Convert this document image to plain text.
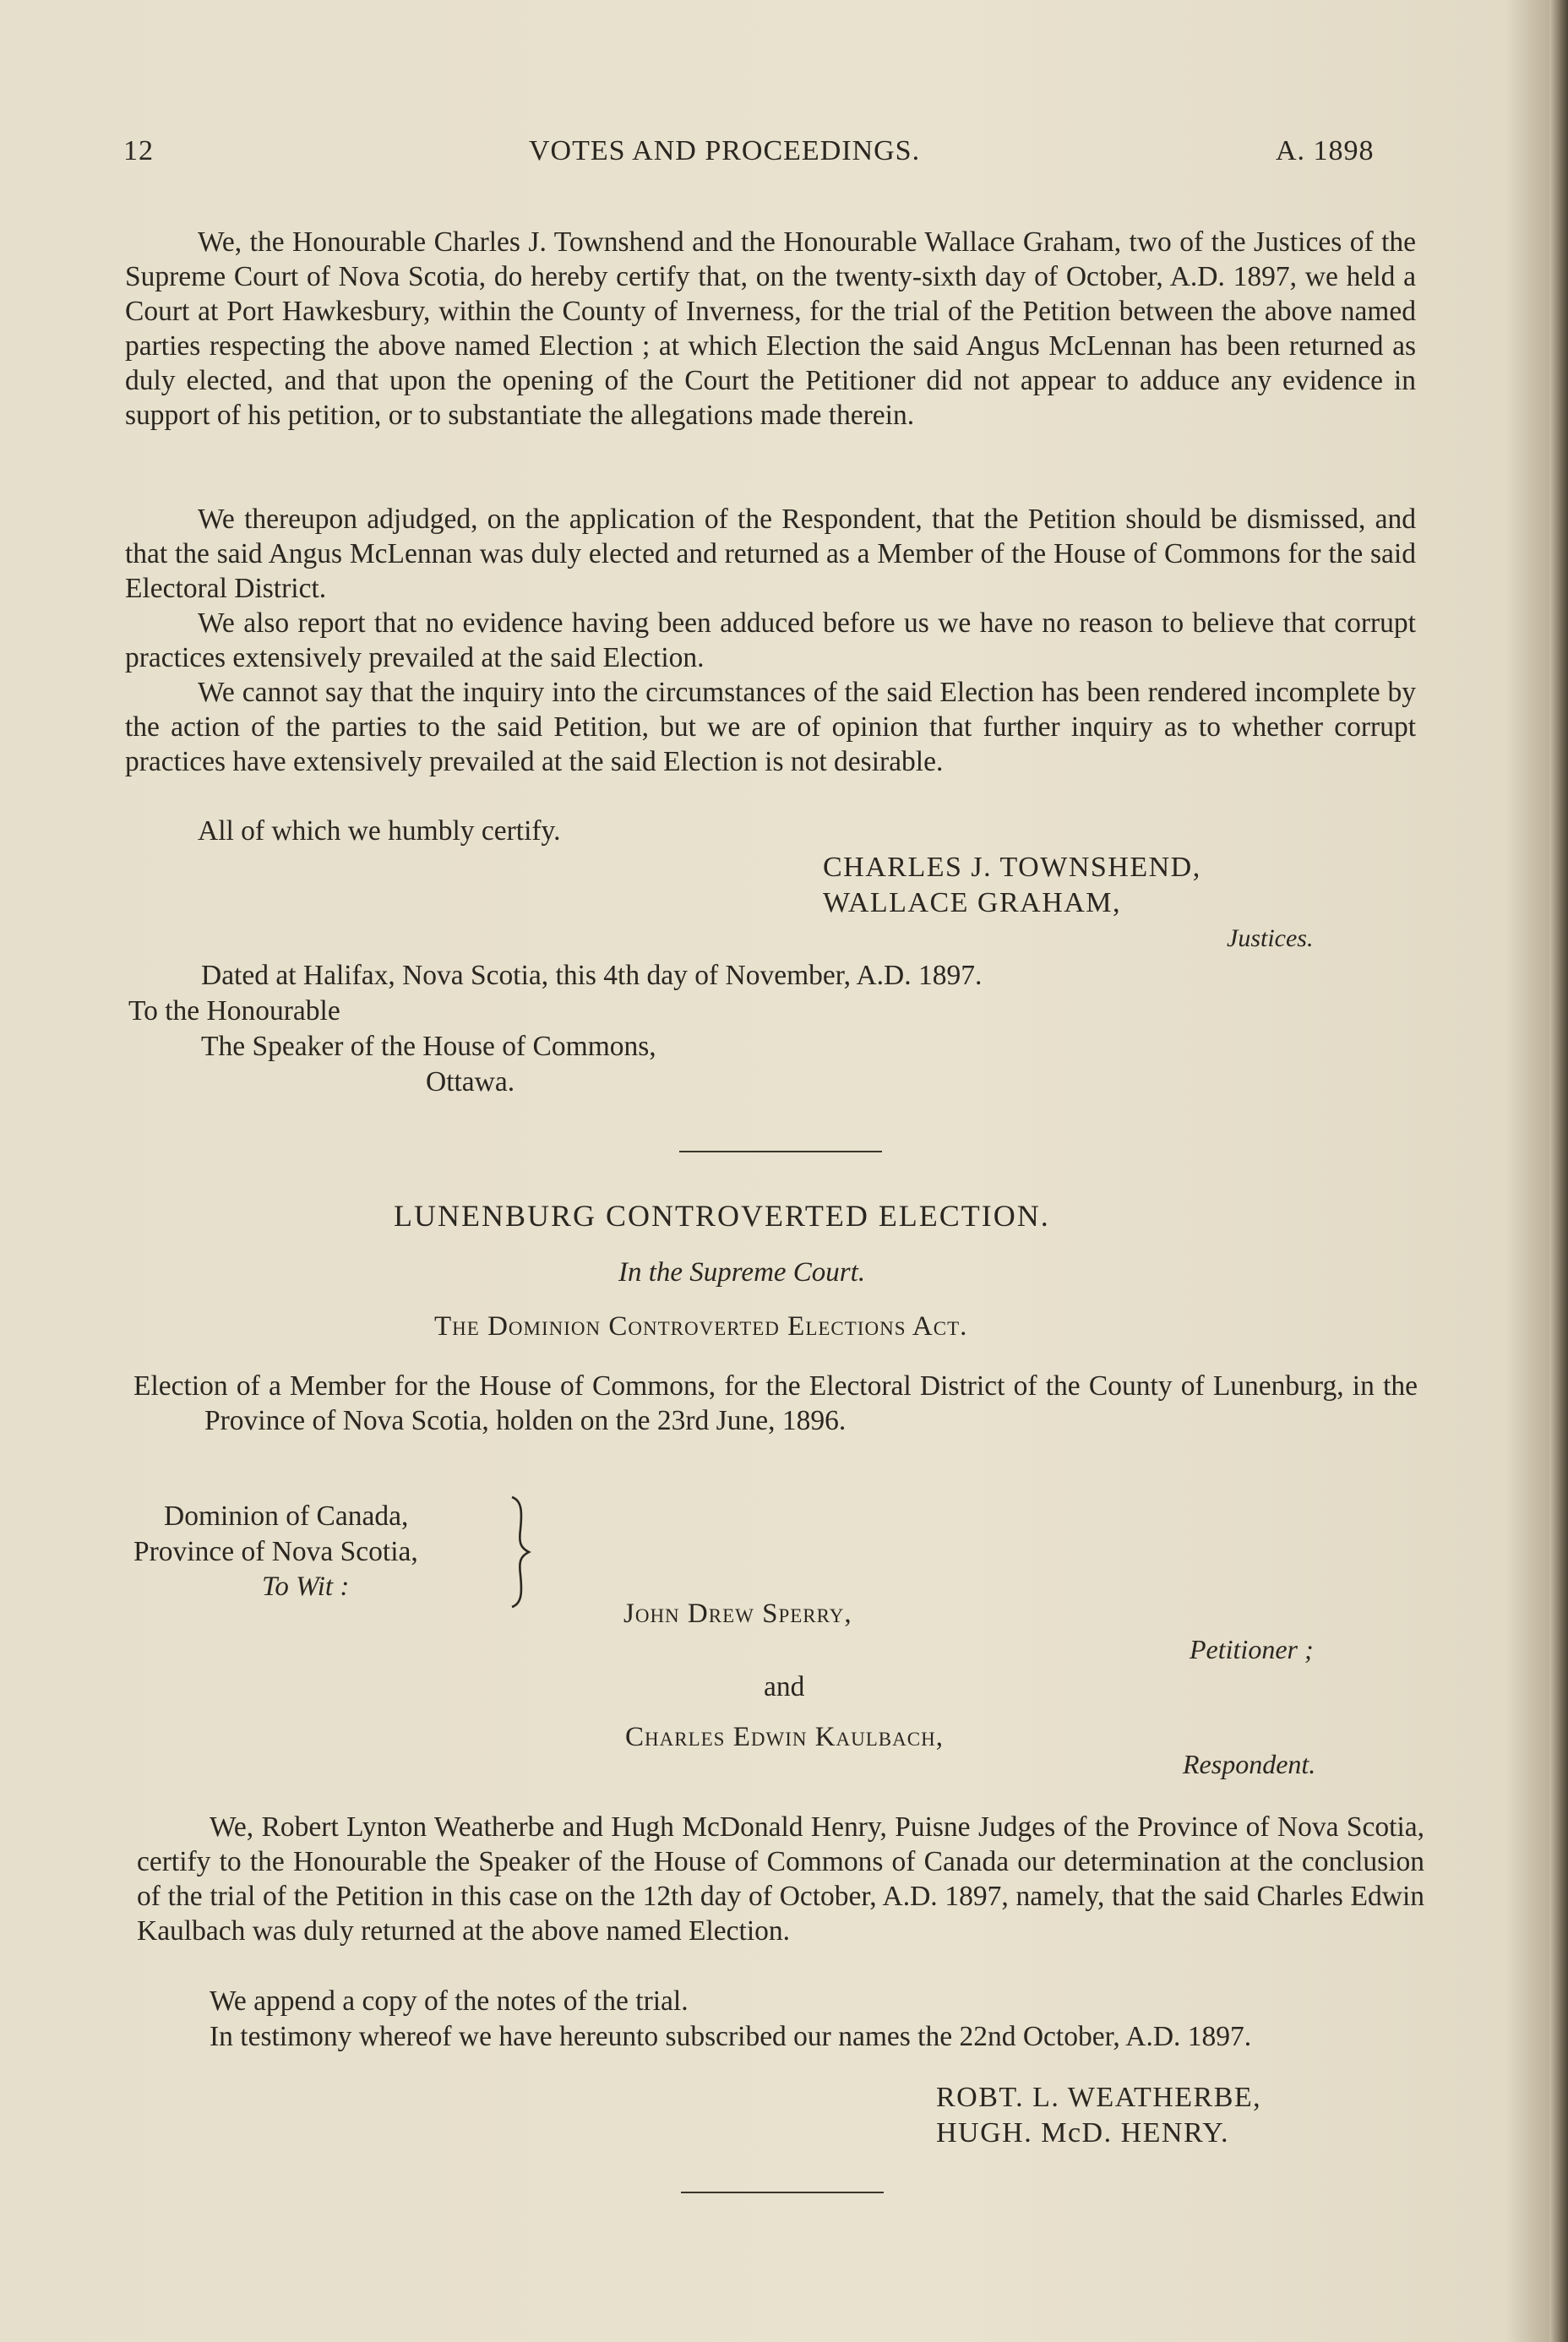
12	VOTES AND PROCEEDINGS.	A. 1898
We, the Honourable Charles J. Townshend and the Honourable Wallace Graham, two of the Justices of the Supreme Court of Nova Scotia, do hereby certify that, on the twenty-sixth day of October, A.D. 1897, we held a Court at Port Hawkesbury, within the County of Inverness, for the trial of the Petition between the above named parties respecting the above named Election ; at which Election the said Angus McLennan has been returned as duly elected, and that upon the opening of the Court the Petitioner did not appear to adduce any evidence in support of his petition, or to substantiate the allegations made therein.
We thereupon adjudged, on the application of the Respondent, that the Petition should be dismissed, and that the said Angus McLennan was duly elected and returned as a Member of the House of Commons for the said Electoral District.
We also report that no evidence having been adduced before us we have no reason to believe that corrupt practices extensively prevailed at the said Election.
We cannot say that the inquiry into the circumstances of the said Election has been rendered incomplete by the action of the parties to the said Petition, but we are of opinion that further inquiry as to whether corrupt practices have extensively prevailed at the said Election is not desirable.
All of which we humbly certify.
CHARLES J. TOWNSHEND,
WALLACE GRAHAM,
Justices.
Dated at Halifax, Nova Scotia, this 4th day of November, A.D. 1897.
To the Honourable
The Speaker of the House of Commons,
Ottawa.
LUNENBURG CONTROVERTED ELECTION.
In the Supreme Court.
The Dominion Controverted Elections Act.
Election of a Member for the House of Commons, for the Electoral District of the County of Lunenburg, in the Province of Nova Scotia, holden on the 23rd June, 1896.
Dominion of Canada,
Province of Nova Scotia,
To Wit :
John Drew Sperry,
Petitioner ;
and
Charles Edwin Kaulbach,
Respondent.
We, Robert Lynton Weatherbe and Hugh McDonald Henry, Puisne Judges of the Province of Nova Scotia, certify to the Honourable the Speaker of the House of Commons of Canada our determination at the conclusion of the trial of the Petition in this case on the 12th day of October, A.D. 1897, namely, that the said Charles Edwin Kaulbach was duly returned at the above named Election.
We append a copy of the notes of the trial.
In testimony whereof we have hereunto subscribed our names the 22nd October, A.D. 1897.
ROBT. L. WEATHERBE,
HUGH. McD. HENRY.
